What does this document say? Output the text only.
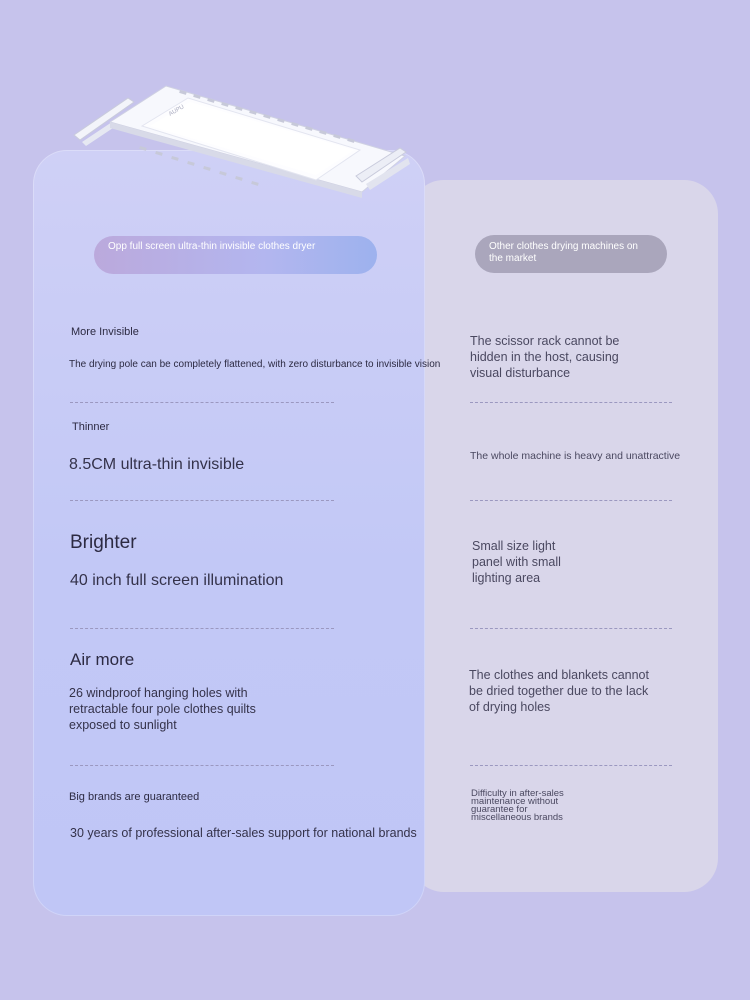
AUPU
Opp full screen ultra-thin invisible clothes dryer	Other clothes drying machines on the market
More Invisible
The drying pole can be completely flattened, with zero disturbance to invisible vision
The scissor rack cannot be hidden in the host, causing visual disturbance
Thinner
8.5CM ultra-thin invisible	The whole machine is heavy and unattractive
Brighter
40 inch full screen illumination
Small size light panel with small lighting area
Air more
26 windproof hanging holes with retractable four pole clothes quilts exposed to sunlight
The clothes and blankets cannot be dried together due to the lack of drying holes
Big brands are guaranteed
30 years of professional after-sales support for national brands
Difficulty in after-sales maintenance without guarantee for miscellaneous brands
